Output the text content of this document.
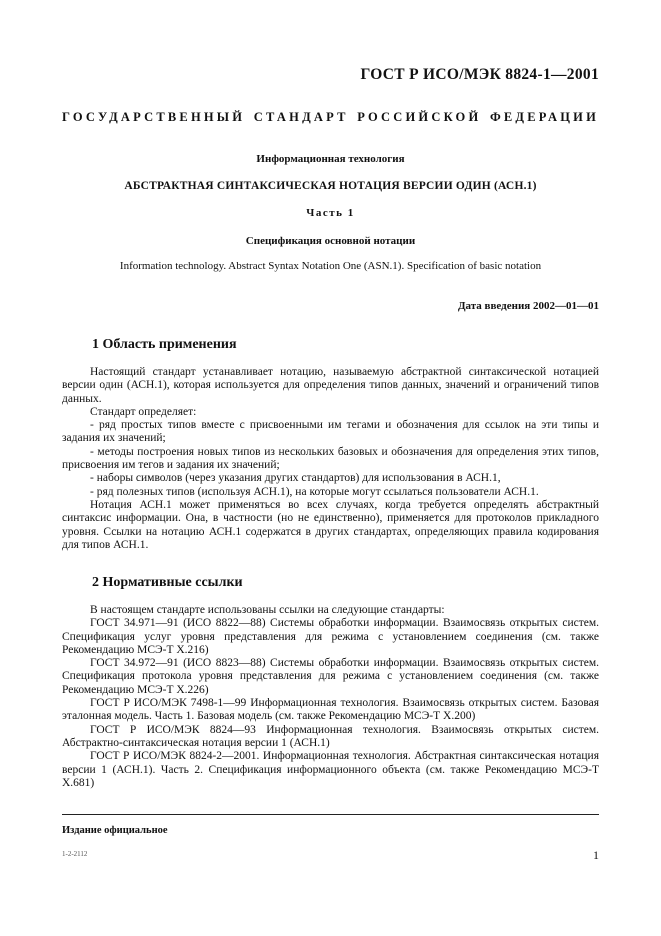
ГОСТ Р ИСО/МЭК 8824-1—2001
ГОСУДАРСТВЕННЫЙ СТАНДАРТ РОССИЙСКОЙ ФЕДЕРАЦИИ
Информационная технология
АБСТРАКТНАЯ СИНТАКСИЧЕСКАЯ НОТАЦИЯ ВЕРСИИ ОДИН (АСН.1)
Часть 1
Спецификация основной нотации
Information technology. Abstract Syntax Notation One (ASN.1). Specification of basic notation
Дата введения 2002—01—01
1 Область применения

Настоящий стандарт устанавливает нотацию, называемую абстрактной синтаксической нотацией версии один (АСН.1), которая используется для определения типов данных, значений и ограничений типов данных.

Стандарт определяет:

- ряд простых типов вместе с присвоенными им тегами и обозначения для ссылок на эти типы и задания их значений;

- методы построения новых типов из нескольких базовых и обозначения для определения этих типов, присвоения им тегов и задания их значений;

- наборы символов (через указания других стандартов) для использования в АСН.1,

- ряд полезных типов (используя АСН.1), на которые могут ссылаться пользователи АСН.1.

Нотация АСН.1 может применяться во всех случаях, когда требуется определять абстрактный синтаксис информации. Она, в частности (но не единственно), применяется для протоколов прикладного уровня. Ссылки на нотацию АСН.1 содержатся в других стандартах, определяющих правила кодирования для типов АСН.1.

2 Нормативные ссылки

В настоящем стандарте использованы ссылки на следующие стандарты:

ГОСТ 34.971—91 (ИСО 8822—88) Системы обработки информации. Взаимосвязь открытых систем. Спецификация услуг уровня представления для режима с установлением соединения (см. также Рекомендацию МСЭ-Т Х.216)

ГОСТ 34.972—91 (ИСО 8823—88) Системы обработки информации. Взаимосвязь открытых систем. Спецификация протокола уровня представления для режима с установлением соединения (см. также Рекомендацию МСЭ-Т Х.226)

ГОСТ Р ИСО/МЭК 7498-1—99 Информационная технология. Взаимосвязь открытых систем. Базовая эталонная модель. Часть 1. Базовая модель (см. также Рекомендацию МСЭ-Т Х.200)

ГОСТ Р ИСО/МЭК 8824—93 Информационная технология. Взаимосвязь открытых систем. Абстрактно-синтаксическая нотация версии 1 (АСН.1)

ГОСТ Р ИСО/МЭК 8824-2—2001. Информационная технология. Абстрактная синтаксическая нотация версии 1 (АСН.1). Часть 2. Спецификация информационного объекта (см. также Рекомендацию МСЭ-Т Х.681)

Издание официальное
1-2-2112	1
